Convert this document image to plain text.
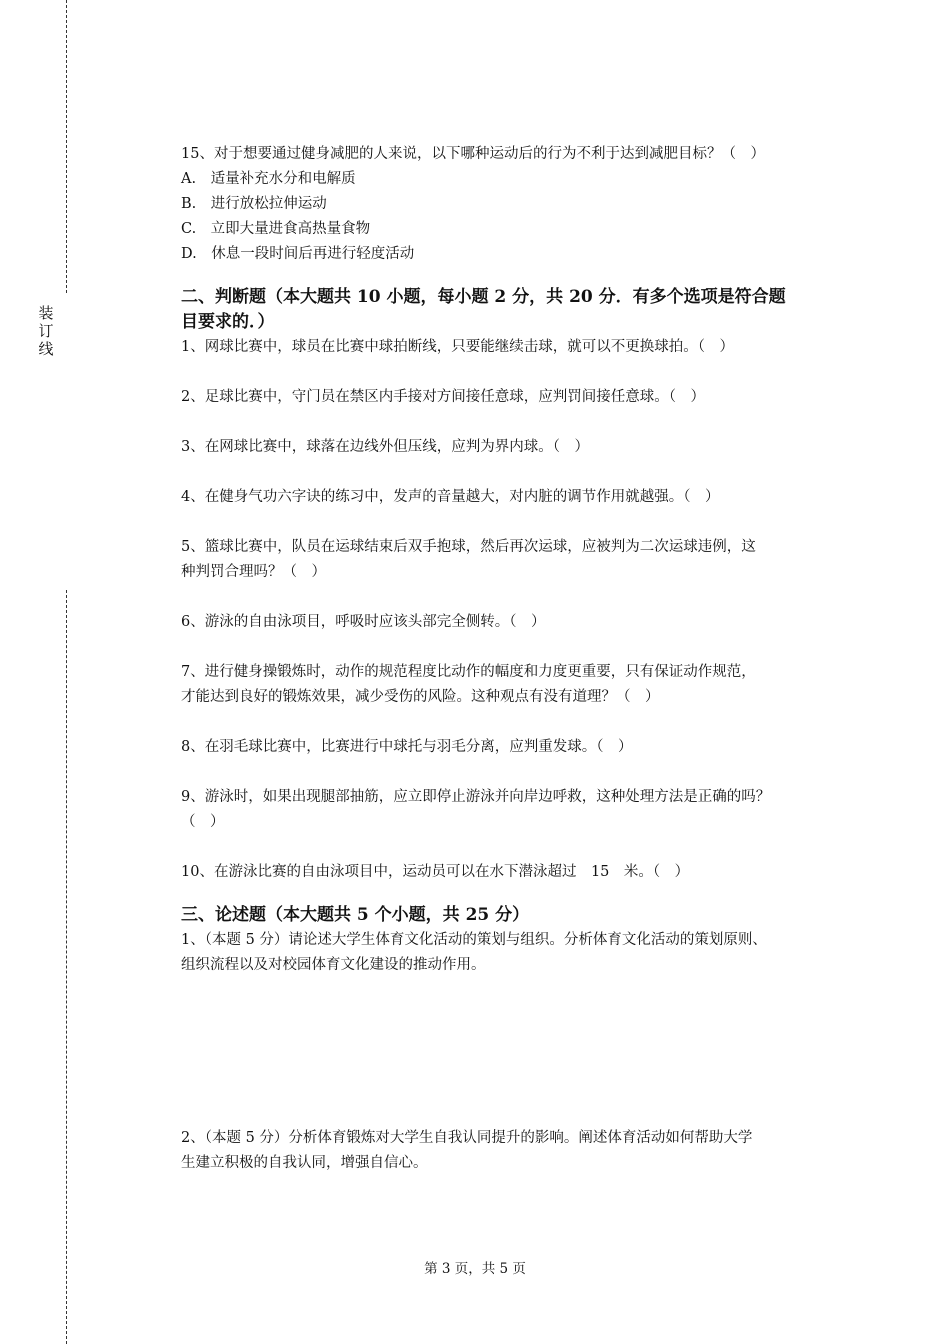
装
订
线

15、对于想要通过健身减肥的人来说，以下哪种运动后的行为不利于达到减肥目标？（　）

A.　适量补充水分和电解质

B.　进行放松拉伸运动

C.　立即大量进食高热量食物

D.　休息一段时间后再进行轻度活动

二、判断题（本大题共 10 小题，每小题 2 分，共 20 分．有多个选项是符合题

目要求的．）

1、网球比赛中，球员在比赛中球拍断线，只要能继续击球，就可以不更换球拍。（　）

2、足球比赛中，守门员在禁区内手接对方间接任意球，应判罚间接任意球。（　）

3、在网球比赛中，球落在边线外但压线，应判为界内球。（　）

4、在健身气功六字诀的练习中，发声的音量越大，对内脏的调节作用就越强。（　）

5、篮球比赛中，队员在运球结束后双手抱球，然后再次运球，应被判为二次运球违例，这

种判罚合理吗？（　）

6、游泳的自由泳项目，呼吸时应该头部完全侧转。（　）

7、进行健身操锻炼时，动作的规范程度比动作的幅度和力度更重要，只有保证动作规范，

才能达到良好的锻炼效果，减少受伤的风险。这种观点有没有道理？（　）

8、在羽毛球比赛中，比赛进行中球托与羽毛分离，应判重发球。（　）

9、游泳时，如果出现腿部抽筋，应立即停止游泳并向岸边呼救，这种处理方法是正确的吗？

（　）

10、在游泳比赛的自由泳项目中，运动员可以在水下潜泳超过　15　米。（　）

三、论述题（本大题共 5 个小题，共 25 分）

1、（本题 5 分）请论述大学生体育文化活动的策划与组织。分析体育文化活动的策划原则、

组织流程以及对校园体育文化建设的推动作用。

2、（本题 5 分）分析体育锻炼对大学生自我认同提升的影响。阐述体育活动如何帮助大学

生建立积极的自我认同，增强自信心。

第 3 页，共 5 页
